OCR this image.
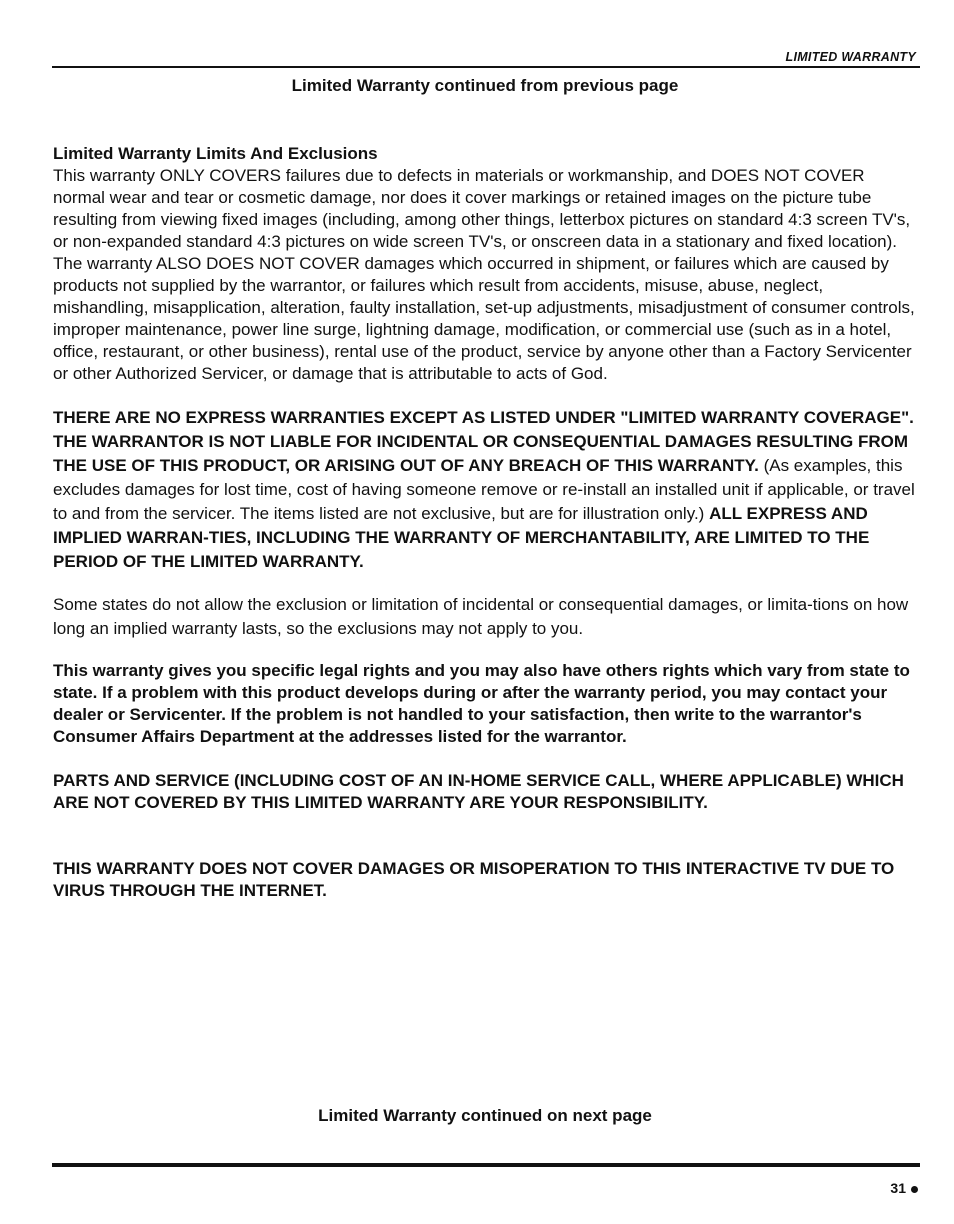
LIMITED WARRANTY
Limited Warranty continued from previous page

Limited Warranty Limits And Exclusions

This warranty ONLY COVERS failures due to defects in materials or workmanship, and DOES NOT COVER normal wear and tear or cosmetic damage, nor does it cover markings or retained images on the picture tube resulting from viewing fixed images (including, among other things, letterbox pictures on standard 4:3 screen TV's, or non-expanded standard 4:3 pictures on wide screen TV's, or onscreen data in a stationary and fixed location). The warranty ALSO DOES NOT COVER damages which occurred in shipment, or failures which are caused by products not supplied by the warrantor, or failures which result from accidents, misuse, abuse, neglect, mishandling, misapplication, alteration, faulty installation, set-up adjustments, misadjustment of consumer controls, improper maintenance, power line surge, lightning damage, modification, or commercial use (such as in a hotel, office, restaurant, or other business), rental use of the product, service by anyone other than a Factory Servicenter or other Authorized Servicer, or damage that is attributable to acts of God.

THERE ARE NO EXPRESS WARRANTIES EXCEPT AS LISTED UNDER "LIMITED WARRANTY COVERAGE". THE WARRANTOR IS NOT LIABLE FOR INCIDENTAL OR CONSEQUENTIAL DAMAGES RESULTING FROM THE USE OF THIS PRODUCT, OR ARISING OUT OF ANY BREACH OF THIS WARRANTY. (As examples, this excludes damages for lost time, cost of having someone remove or re-install an installed unit if applicable, or travel to and from the servicer. The items listed are not exclusive, but are for illustration only.) ALL EXPRESS AND IMPLIED WARRAN-TIES, INCLUDING THE WARRANTY OF MERCHANTABILITY, ARE LIMITED TO THE PERIOD OF THE LIMITED WARRANTY.

Some states do not allow the exclusion or limitation of incidental or consequential damages, or limita-tions on how long an implied warranty lasts, so the exclusions may not apply to you.

This warranty gives you specific legal rights and you may also have others rights which vary from state to state. If a problem with this product develops during or after the warranty period, you may contact your dealer or Servicenter. If the problem is not handled to your satisfaction, then write to the warrantor's Consumer Affairs Department at the addresses listed for the warrantor.

PARTS AND SERVICE (INCLUDING COST OF AN IN-HOME SERVICE CALL, WHERE APPLICABLE) WHICH ARE NOT COVERED BY THIS LIMITED WARRANTY ARE YOUR RESPONSIBILITY.

THIS WARRANTY DOES NOT COVER DAMAGES OR MISOPERATION TO THIS INTERACTIVE TV DUE TO VIRUS THROUGH THE INTERNET.

Limited Warranty continued on next page
31
